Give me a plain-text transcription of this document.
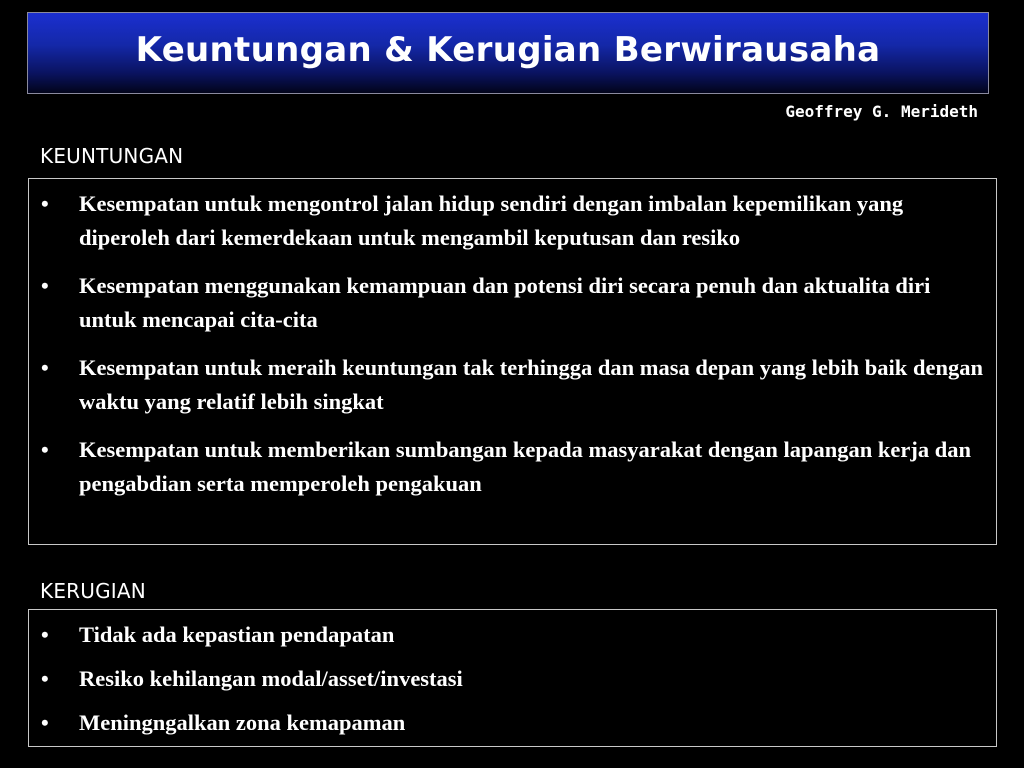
Keuntungan & Kerugian Berwirausaha
Geoffrey G. Merideth
KEUNTUNGAN
•	Kesempatan untuk mengontrol jalan hidup sendiri dengan imbalan kepemilikan yang diperoleh dari kemerdekaan untuk mengambil keputusan dan resiko
•	Kesempatan menggunakan kemampuan dan potensi diri secara penuh dan aktualita diri untuk mencapai cita-cita
•	Kesempatan untuk meraih keuntungan tak terhingga dan masa depan yang lebih baik dengan waktu yang relatif lebih singkat
•	Kesempatan untuk memberikan sumbangan kepada masyarakat dengan lapangan kerja dan pengabdian serta memperoleh pengakuan
KERUGIAN
•	Tidak ada kepastian pendapatan
•	Resiko kehilangan modal/asset/investasi
•	Meningngalkan zona kemapaman
